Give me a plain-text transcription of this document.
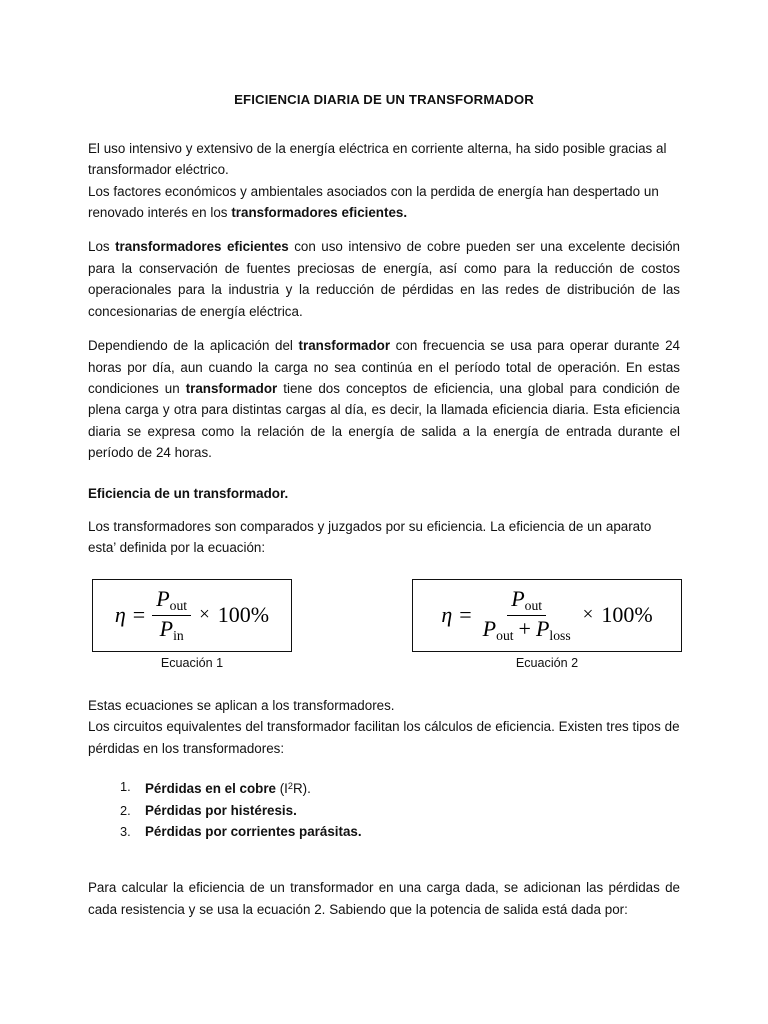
EFICIENCIA DIARIA DE UN TRANSFORMADOR

El uso intensivo y extensivo de la energía eléctrica en corriente alterna, ha sido posible gracias al transformador eléctrico.
Los factores económicos y ambientales asociados con la perdida de energía han despertado un renovado interés en los transformadores eficientes.

Los transformadores eficientes con uso intensivo de cobre pueden ser una excelente decisión para la conservación de fuentes preciosas de energía, así como para la reducción de costos operacionales para la industria y la reducción de pérdidas en las redes de distribución de las concesionarias de energía eléctrica.

Dependiendo de la aplicación del transformador con frecuencia se usa para operar durante 24 horas por día, aun cuando la carga no sea continúa en el período total de operación. En estas condiciones un transformador tiene dos conceptos de eficiencia, una global para condición de plena carga y otra para distintas cargas al día, es decir, la llamada eficiencia diaria. Esta eficiencia diaria se expresa como la relación de la energía de salida a la energía de entrada durante el período de 24 horas.

Eficiencia de un transformador.

Los transformadores son comparados y juzgados por su eficiencia. La eficiencia de un aparato esta’ definida por la ecuación:

$\eta = \frac{P_{out}}{P_{in}} \times 100\%$
Ecuación 1
$\eta = \frac{P_{out}}{P_{out} + P_{loss}} \times 100\%$
Ecuación 2

Estas ecuaciones se aplican a los transformadores.
Los circuitos equivalentes del transformador facilitan los cálculos de eficiencia. Existen tres tipos de pérdidas en los transformadores:

1. Pérdidas en el cobre $(I^2R)$.
2. Pérdidas por histéresis.
3. Pérdidas por corrientes parásitas.

Para calcular la eficiencia de un transformador en una carga dada, se adicionan las pérdidas de cada resistencia y se usa la ecuación 2. Sabiendo que la potencia de salida está dada por:
